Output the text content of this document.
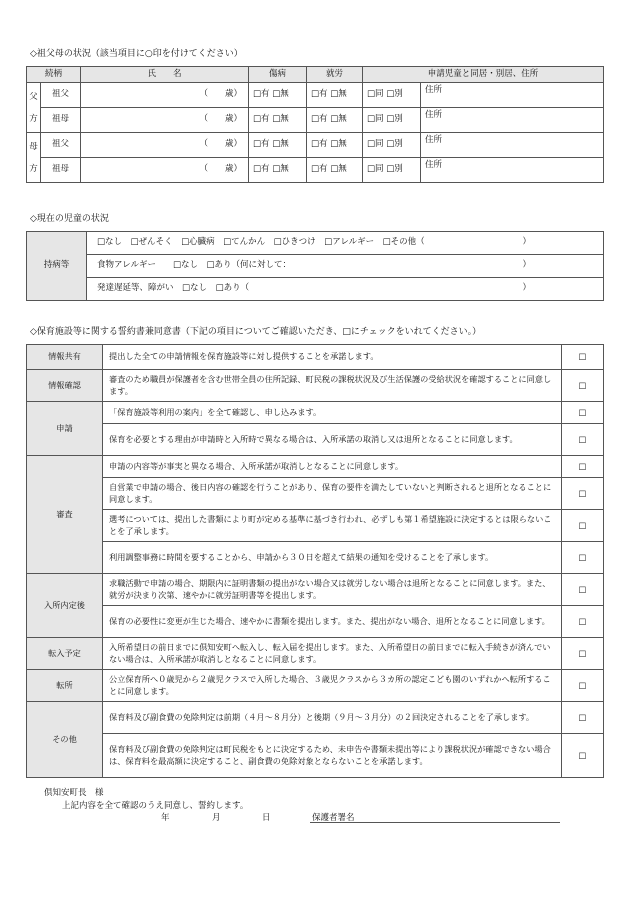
◇祖父母の状況（該当項目に○印を付けてください）
続柄		氏　　名	傷病	就労	申請児童と同居・別居、住所	

父
方	祖父	（　　歳）	□有 □無	□有 □無	□同 □別	住所
	祖母	（　　歳）	□有 □無	□有 □無	□同 □別	住所

母
方	祖父	（　　歳）	□有 □無	□有 □無	□同 □別	住所
	祖母	（　　歳）	□有 □無	□有 □無	□同 □別	住所
◇現在の児童の状況
持病等	□なし　□ぜんそく　□心臓病　□てんかん　□ひきつけ　□アレルギー　□その他（	）

食物アレルギー　　 □なし　□あり（何に対して：	）

発達遅延等、障がい　 □なし　□あり（	）
◇保育施設等に関する誓約書兼同意書（下記の項目についてご確認いただき、□にチェックをいれてください。）
情報共有	提出した全ての申請情報を保育施設等に対し提供することを承諾します。	□
情報確認	審査のため職員が保護者を含む世帯全員の住所記録、町民税の課税状況及び生活保護の受給状況を確認することに同意します。	□
申請	「保育施設等利用の案内」を全て確認し、申し込みます。	□
	保育を必要とする理由が申請時と入所時で異なる場合は、入所承諾の取消し又は退所となることに同意します。	□
審査	申請の内容等が事実と異なる場合、入所承諾が取消しとなることに同意します。	□
	自営業で申請の場合、後日内容の確認を行うことがあり、保育の要件を満たしていないと判断されると退所となることに同意します。	□
	選考については、提出した書類により町が定める基準に基づき行われ、必ずしも第１希望施設に決定するとは限らないことを了承します。	□
	利用調整事務に時間を要することから、申請から３０日を超えて結果の通知を受けることを了承します。	□
入所内定後	求職活動で申請の場合、期限内に証明書類の提出がない場合又は就労しない場合は退所となることに同意します。また、就労が決まり次第、速やかに就労証明書等を提出します。	□
	保育の必要性に変更が生じた場合、速やかに書類を提出します。また、提出がない場合、退所となることに同意します。	□
転入予定	入所希望日の前日までに倶知安町へ転入し、転入届を提出します。また、入所希望日の前日までに転入手続きが済んでいない場合は、入所承諾が取消しとなることに同意します。	□
転所	公立保育所へ０歳児から２歳児クラスで入所した場合、３歳児クラスから３カ所の認定こども園のいずれかへ転所することに同意します。	□
その他	保育料及び副食費の免除判定は前期（４月～８月分）と後期（９月～３月分）の２回決定されることを了承します。	□
	保育料及び副食費の免除判定は町民税をもとに決定するため、未申告や書類未提出等により課税状況が確認できない場合は、保育料を最高額に決定すること、副食費の免除対象とならないことを承諾します。	□
倶知安町長　様
上記内容を全て確認のうえ同意し、誓約します。
年	月	日	保護者署名
